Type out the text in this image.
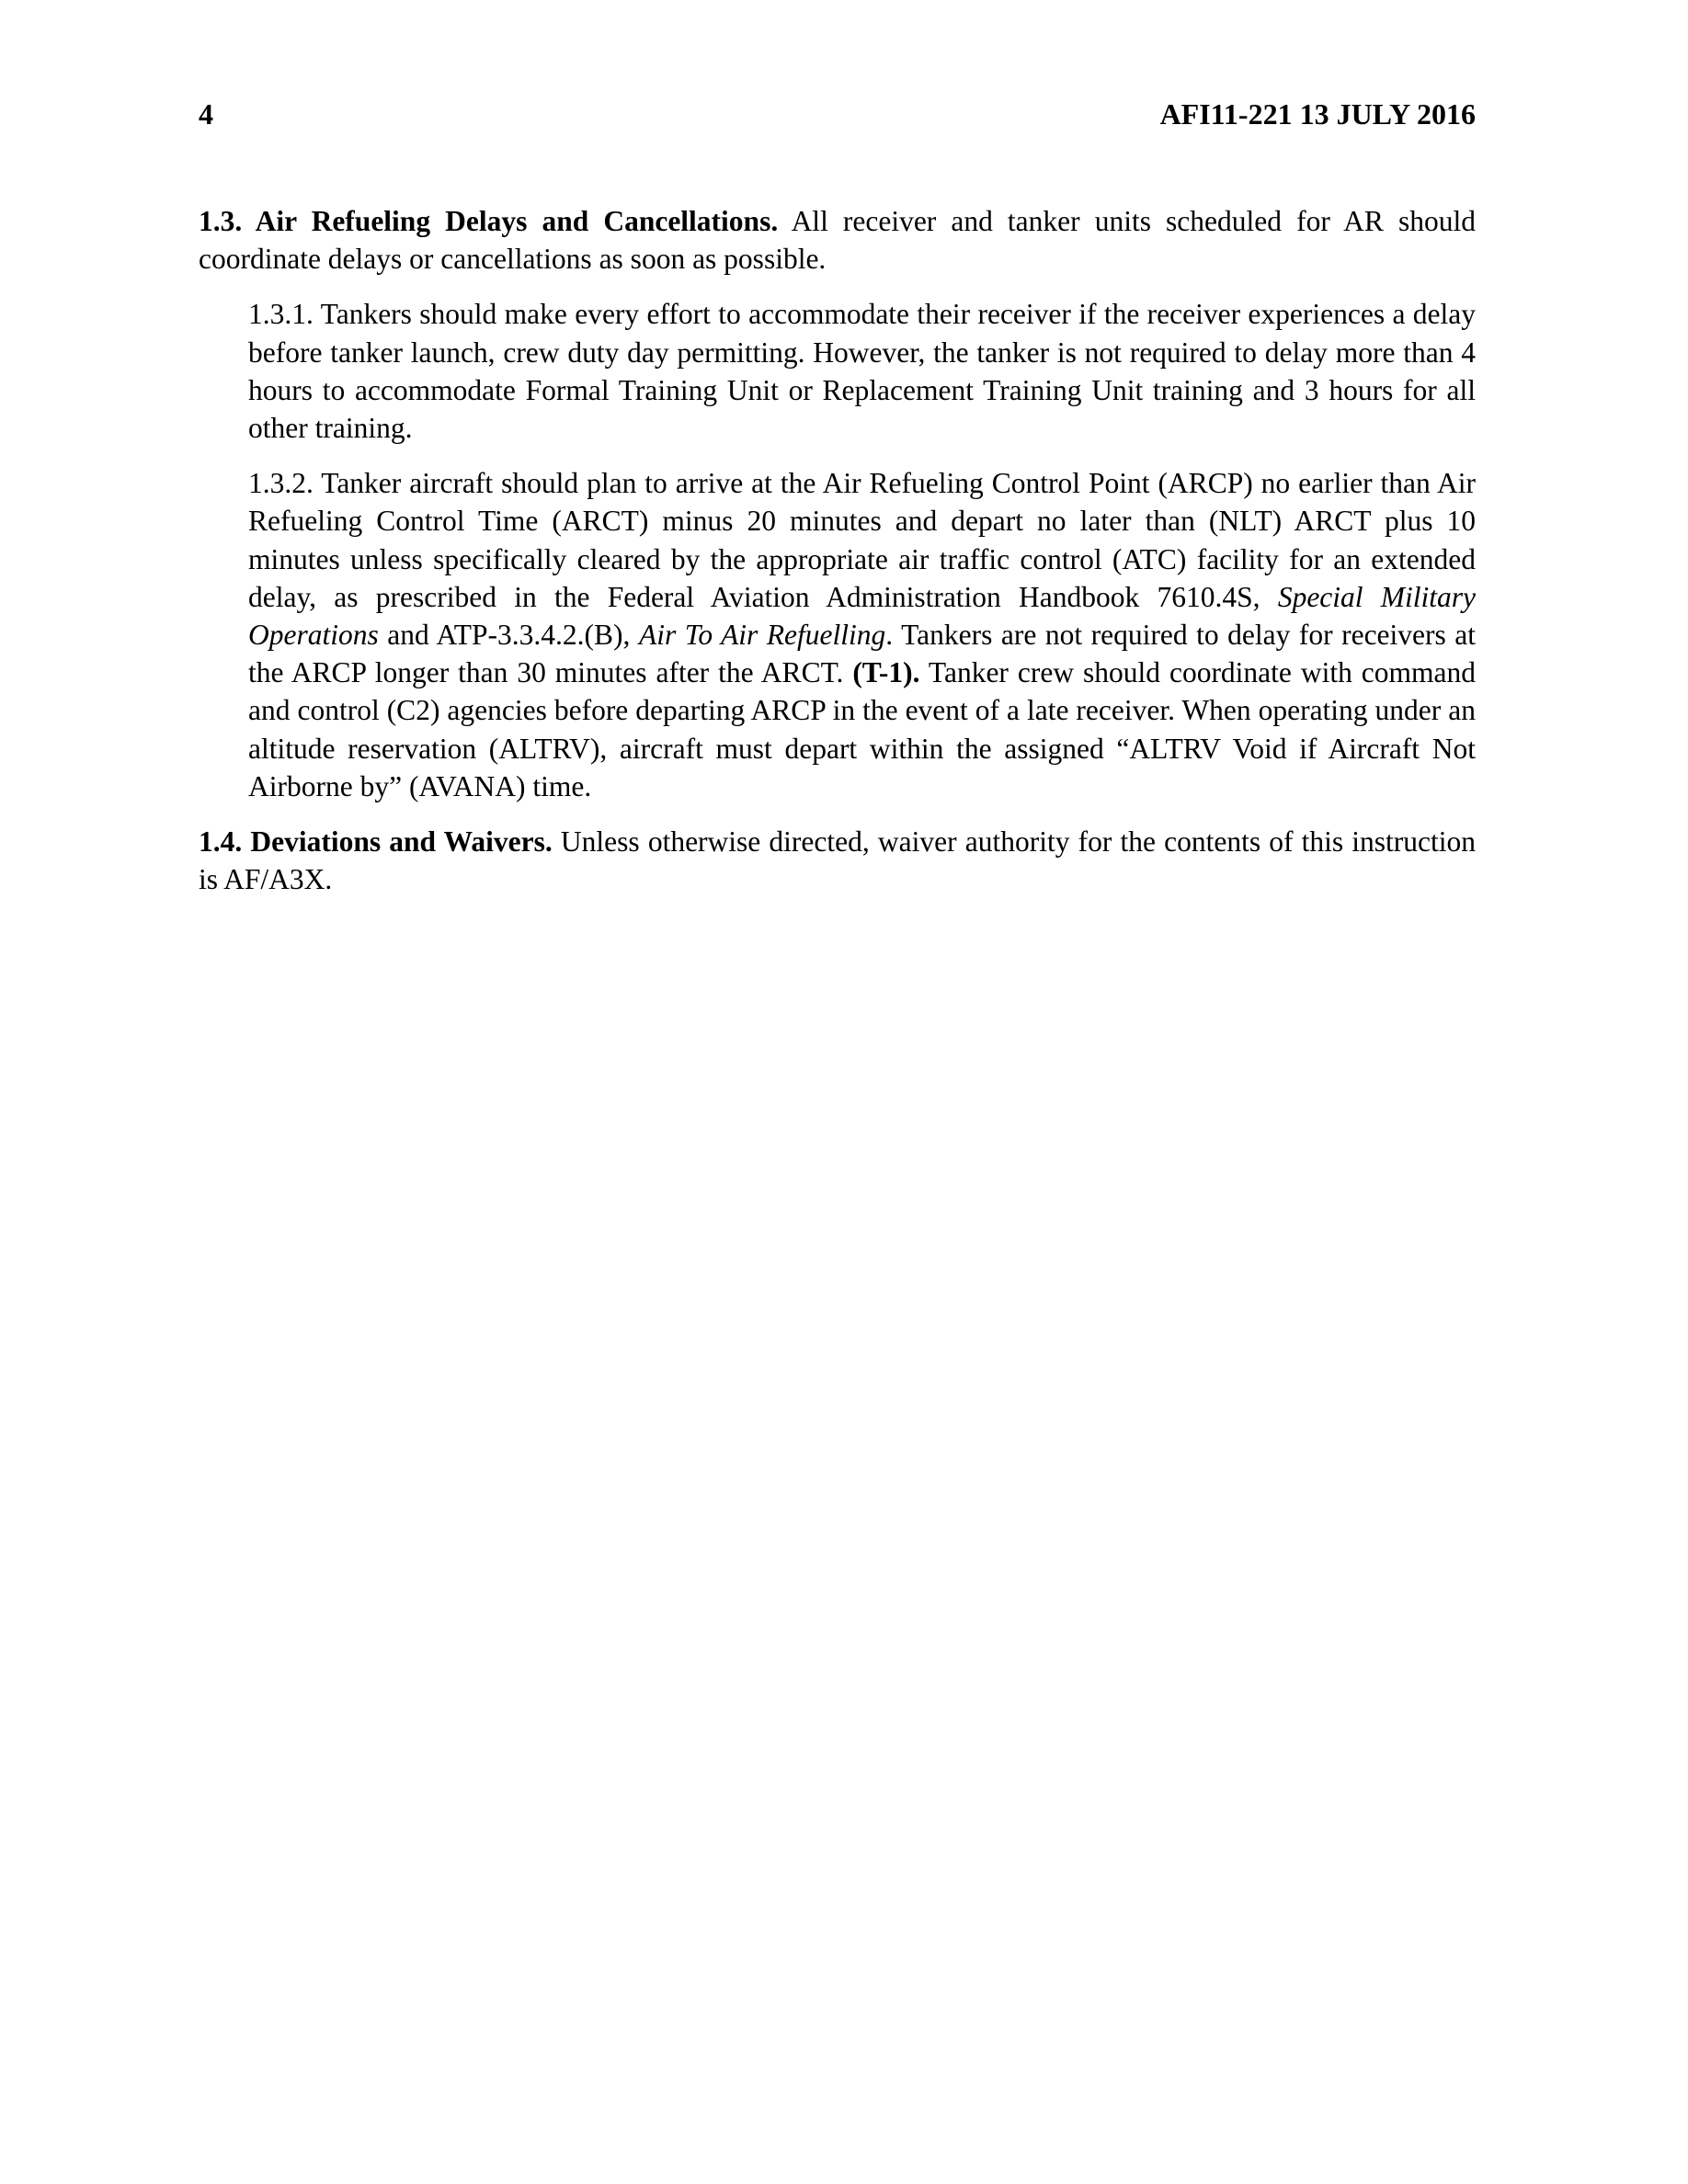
4	AFI11-221 13 JULY 2016

1.3. Air Refueling Delays and Cancellations. All receiver and tanker units scheduled for AR should coordinate delays or cancellations as soon as possible.

1.3.1. Tankers should make every effort to accommodate their receiver if the receiver experiences a delay before tanker launch, crew duty day permitting. However, the tanker is not required to delay more than 4 hours to accommodate Formal Training Unit or Replacement Training Unit training and 3 hours for all other training.

1.3.2. Tanker aircraft should plan to arrive at the Air Refueling Control Point (ARCP) no earlier than Air Refueling Control Time (ARCT) minus 20 minutes and depart no later than (NLT) ARCT plus 10 minutes unless specifically cleared by the appropriate air traffic control (ATC) facility for an extended delay, as prescribed in the Federal Aviation Administration Handbook 7610.4S, Special Military Operations and ATP-3.3.4.2.(B), Air To Air Refuelling. Tankers are not required to delay for receivers at the ARCP longer than 30 minutes after the ARCT. (T-1). Tanker crew should coordinate with command and control (C2) agencies before departing ARCP in the event of a late receiver. When operating under an altitude reservation (ALTRV), aircraft must depart within the assigned “ALTRV Void if Aircraft Not Airborne by” (AVANA) time.

1.4. Deviations and Waivers. Unless otherwise directed, waiver authority for the contents of this instruction is AF/A3X.
